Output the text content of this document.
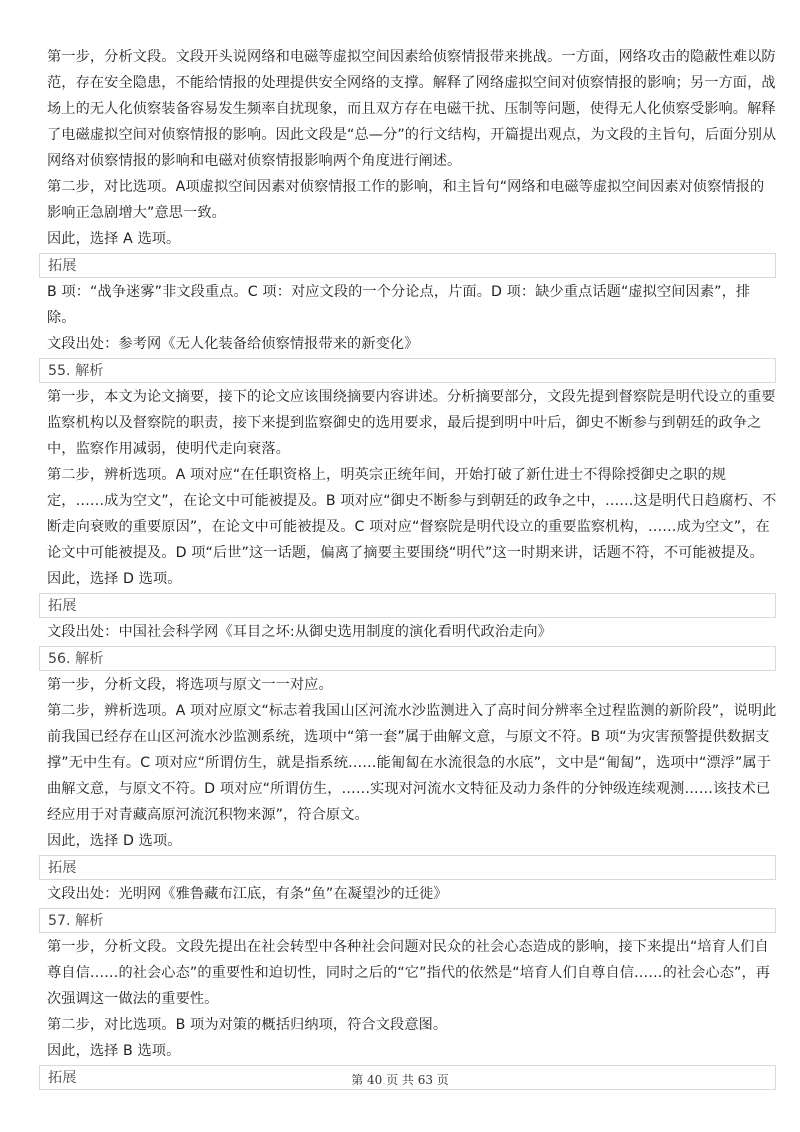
第一步，分析文段。文段开头说网络和电磁等虚拟空间因素给侦察情报带来挑战。一方面，网络攻击的隐蔽性难以防范，存在安全隐患，不能给情报的处理提供安全网络的支撑。解释了网络虚拟空间对侦察情报的影响；另一方面，战场上的无人化侦察装备容易发生频率自扰现象，而且双方存在电磁干扰、压制等问题，使得无人化侦察受影响。解释了电磁虚拟空间对侦察情报的影响。因此文段是“总—分”的行文结构，开篇提出观点，为文段的主旨句，后面分别从网络对侦察情报的影响和电磁对侦察情报影响两个角度进行阐述。

第二步，对比选项。A项虚拟空间因素对侦察情报工作的影响，和主旨句“网络和电磁等虚拟空间因素对侦察情报的影响正急剧增大”意思一致。

因此，选择 A 选项。

拓展

B 项：“战争迷雾”非文段重点。C 项：对应文段的一个分论点，片面。D 项：缺少重点话题“虚拟空间因素”，排除。

文段出处：参考网《无人化装备给侦察情报带来的新变化》

55. 解析

第一步，本文为论文摘要，接下的论文应该围绕摘要内容讲述。分析摘要部分，文段先提到督察院是明代设立的重要监察机构以及督察院的职责，接下来提到监察御史的选用要求，最后提到明中叶后，御史不断参与到朝廷的政争之中，监察作用减弱，使明代走向衰落。

第二步，辨析选项。A 项对应“在任职资格上，明英宗正统年间，开始打破了新仕进士不得除授御史之职的规定，……成为空文”，在论文中可能被提及。B 项对应“御史不断参与到朝廷的政争之中，……这是明代日趋腐朽、不断走向衰败的重要原因”，在论文中可能被提及。C 项对应“督察院是明代设立的重要监察机构，……成为空文”，在论文中可能被提及。D 项“后世”这一话题，偏离了摘要主要围绕“明代”这一时期来讲，话题不符，不可能被提及。

因此，选择 D 选项。

拓展

文段出处：中国社会科学网《耳目之坏:从御史选用制度的演化看明代政治走向》

56. 解析

第一步，分析文段，将选项与原文一一对应。

第二步，辨析选项。A 项对应原文“标志着我国山区河流水沙监测进入了高时间分辨率全过程监测的新阶段”，说明此前我国已经存在山区河流水沙监测系统，选项中“第一套”属于曲解文意，与原文不符。B 项“为灾害预警提供数据支撑”无中生有。C 项对应“所谓仿生，就是指系统……能匍匐在水流很急的水底”，文中是“匍匐”，选项中“漂浮”属于曲解文意，与原文不符。D 项对应“所谓仿生，……实现对河流水文特征及动力条件的分钟级连续观测……该技术已经应用于对青藏高原河流沉积物来源”，符合原文。

因此，选择 D 选项。

拓展

文段出处：光明网《雅鲁藏布江底，有条“鱼”在凝望沙的迁徙》

57. 解析

第一步，分析文段。文段先提出在社会转型中各种社会问题对民众的社会心态造成的影响，接下来提出“培育人们自尊自信……的社会心态”的重要性和迫切性，同时之后的“它”指代的依然是“培育人们自尊自信……的社会心态”，再次强调这一做法的重要性。

第二步，对比选项。B 项为对策的概括归纳项，符合文段意图。

因此，选择 B 选项。

拓展	第 40 页 共 63 页
